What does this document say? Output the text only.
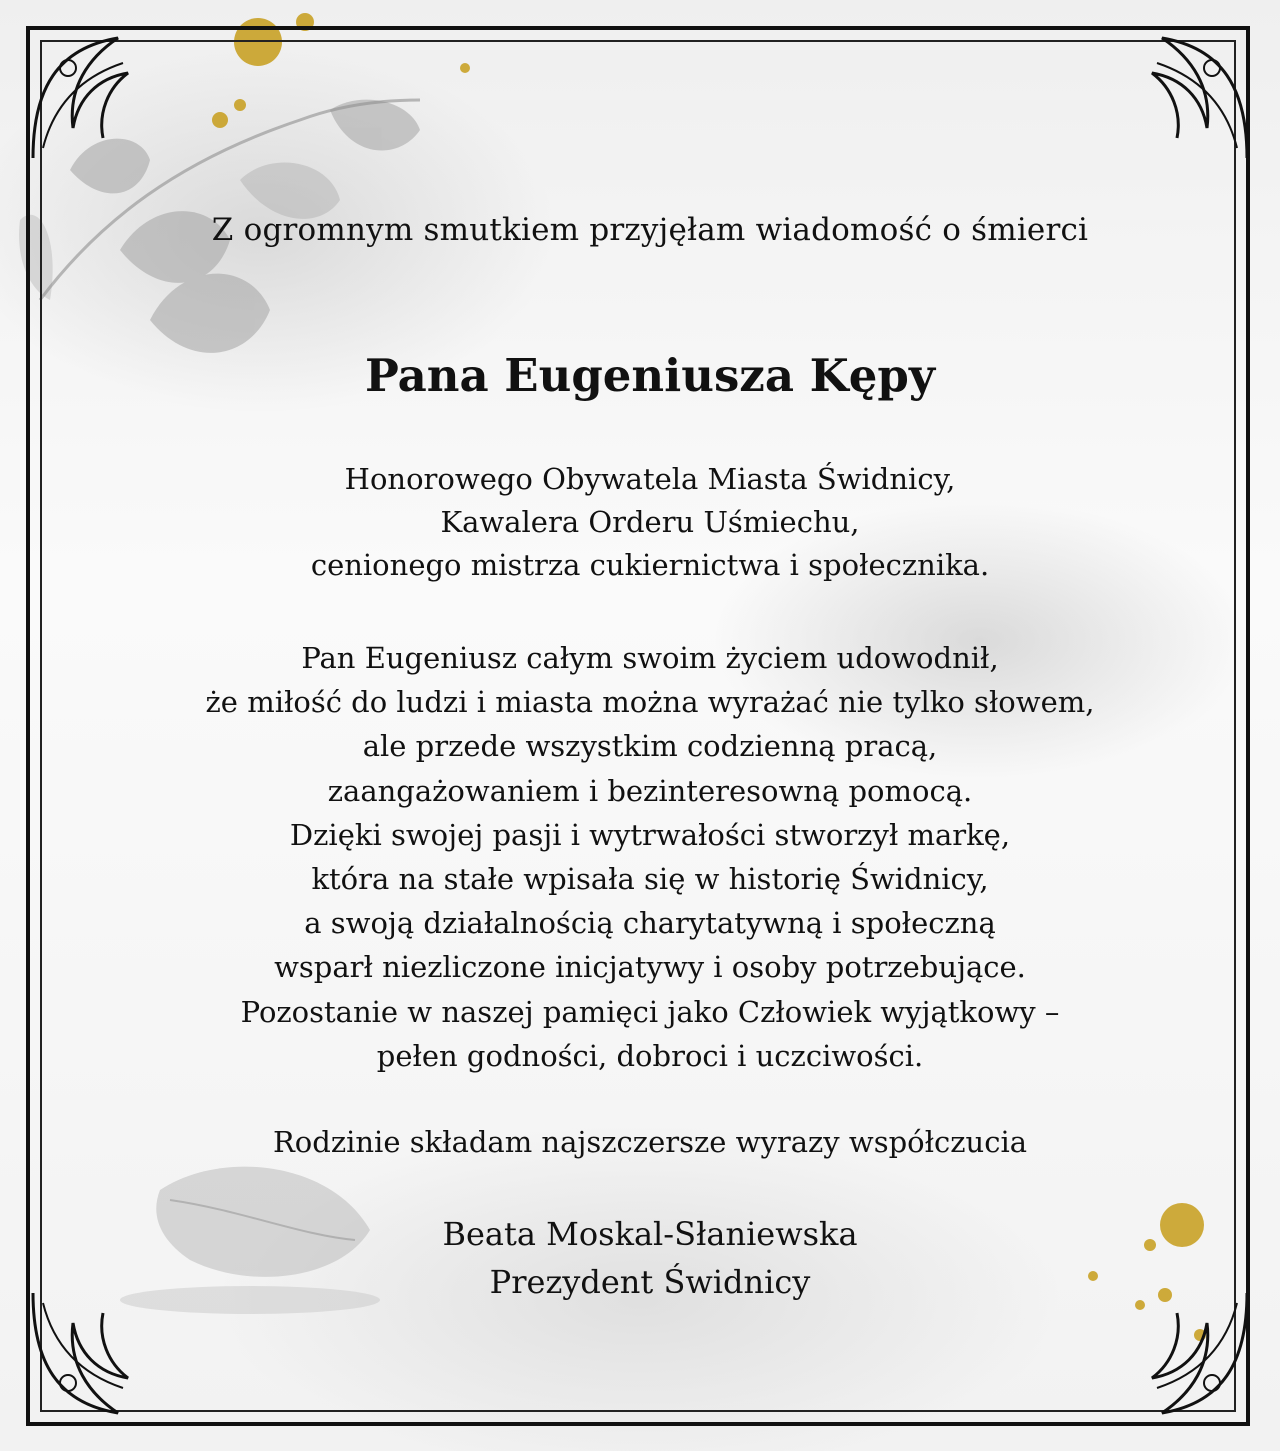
Z ogromnym smutkiem przyjęłam wiadomość o śmierci
Pana Eugeniusza Kępy
Honorowego Obywatela Miasta Świdnicy,
Kawalera Orderu Uśmiechu,
cenionego mistrza cukiernictwa i społecznika.
Pan Eugeniusz całym swoim życiem udowodnił,
że miłość do ludzi i miasta można wyrażać nie tylko słowem,
ale przede wszystkim codzienną pracą,
zaangażowaniem i bezinteresowną pomocą.
Dzięki swojej pasji i wytrwałości stworzył markę,
która na stałe wpisała się w historię Świdnicy,
a swoją działalnością charytatywną i społeczną
wsparł niezliczone inicjatywy i osoby potrzebujące.
Pozostanie w naszej pamięci jako Człowiek wyjątkowy –
pełen godności, dobroci i uczciwości.
Rodzinie składam najszczersze wyrazy współczucia
Beata Moskal-Słaniewska
Prezydent Świdnicy
